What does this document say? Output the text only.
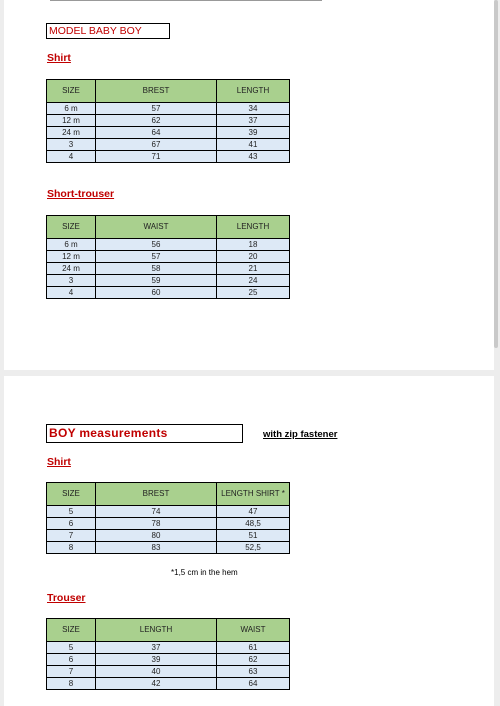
MODEL BABY BOY
Shirt
SIZE	BREST	LENGTH
6 m	57	34
12 m	62	37
24 m	64	39
3	67	41
4	71	43
Short-trouser
SIZE	WAIST	LENGTH
6 m	56	18
12 m	57	20
24 m	58	21
3	59	24
4	60	25
BOY measurements	with zip fastener
Shirt
SIZE	BREST	LENGTH SHIRT *
5	74	47
6	78	48,5
7	80	51
8	83	52,5
*1,5 cm in the hem
Trouser
SIZE	LENGTH	WAIST
5	37	61
6	39	62
7	40	63
8	42	64
